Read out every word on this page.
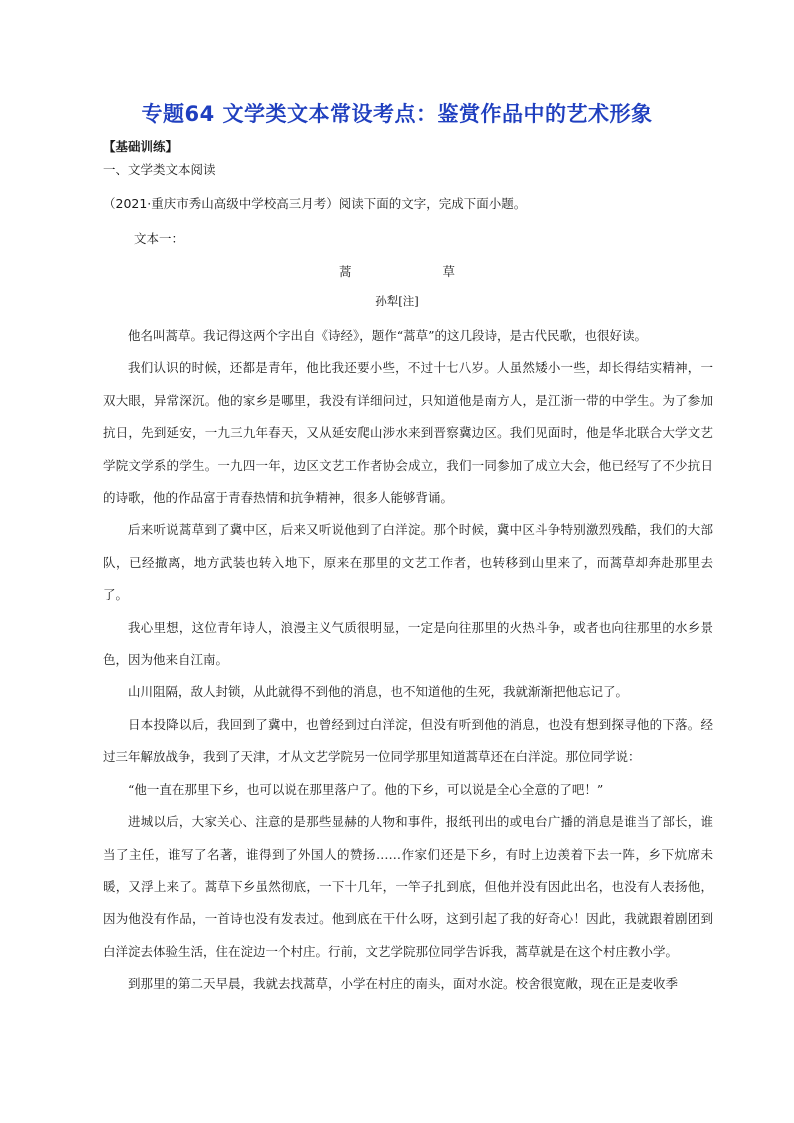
专题64 文学类文本常设考点：鉴赏作品中的艺术形象
【基础训练】
一、文学类文本阅读
（2021·重庆市秀山高级中学校高三月考）阅读下面的文字，完成下面小题。
文本一：
蒿　　草
孙犁[注]

他名叫蒿草。我记得这两个字出自《诗经》，题作“蒿草”的这几段诗，是古代民歌，也很好读。

我们认识的时候，还都是青年，他比我还要小些，不过十七八岁。人虽然矮小一些，却长得结实精神，一双大眼，异常深沉。他的家乡是哪里，我没有详细问过，只知道他是南方人，是江浙一带的中学生。为了参加抗日，先到延安，一九三九年春天，又从延安爬山涉水来到晋察冀边区。我们见面时，他是华北联合大学文艺学院文学系的学生。一九四一年，边区文艺工作者协会成立，我们一同参加了成立大会，他已经写了不少抗日的诗歌，他的作品富于青春热情和抗争精神，很多人能够背诵。

后来听说蒿草到了冀中区，后来又听说他到了白洋淀。那个时候，冀中区斗争特别激烈残酷，我们的大部队，已经撤离，地方武装也转入地下，原来在那里的文艺工作者，也转移到山里来了，而蒿草却奔赴那里去了。

我心里想，这位青年诗人，浪漫主义气质很明显，一定是向往那里的火热斗争，或者也向往那里的水乡景色，因为他来自江南。

山川阻隔，敌人封锁，从此就得不到他的消息，也不知道他的生死，我就渐渐把他忘记了。

日本投降以后，我回到了冀中，也曾经到过白洋淀，但没有听到他的消息，也没有想到探寻他的下落。经过三年解放战争，我到了天津，才从文艺学院另一位同学那里知道蒿草还在白洋淀。那位同学说：

“他一直在那里下乡，也可以说在那里落户了。他的下乡，可以说是全心全意的了吧！”

进城以后，大家关心、注意的是那些显赫的人物和事件，报纸刊出的或电台广播的消息是谁当了部长，谁当了主任，谁写了名著，谁得到了外国人的赞扬……作家们还是下乡，有时上边羡着下去一阵，乡下炕席未暖，又浮上来了。蒿草下乡虽然彻底，一下十几年，一竿子扎到底，但他并没有因此出名，也没有人表扬他，因为他没有作品，一首诗也没有发表过。他到底在干什么呀，这到引起了我的好奇心！因此，我就跟着剧团到白洋淀去体验生活，住在淀边一个村庄。行前，文艺学院那位同学告诉我，蒿草就是在这个村庄教小学。

到那里的第二天早晨，我就去找蒿草，小学在村庄的南头，面对水淀。校舍很宽敞，现在正是麦收季
